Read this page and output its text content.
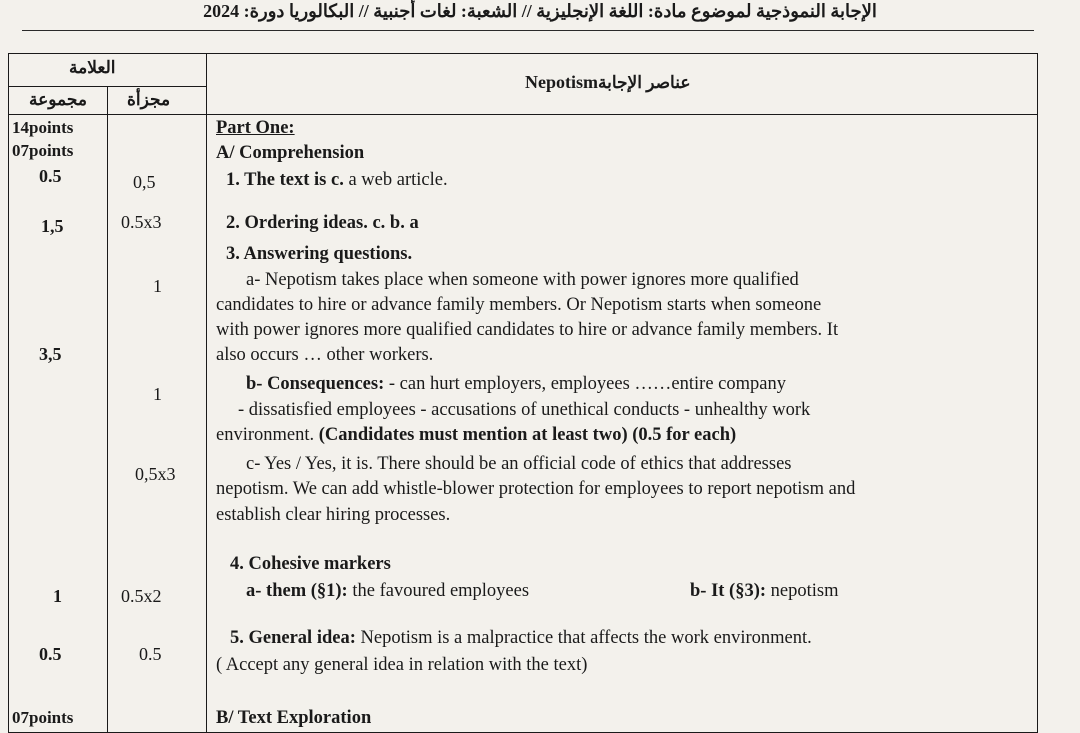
الإجابة النموذجية لموضوع مادة: اللغة الإنجليزية // الشعبة: لغات أجنبية // البكالوريا دورة: 2024
العلامة
مجموعة مجزأة
Nepotismعناصر الإجابة
14points
07points
0.5
1,5
3,5
1
0.5
07points
0,5
0.5x3
1
1
0,5x3
0.5x2
0.5
Part One:
A/ Comprehension
1. The text is c. a web article.
2. Ordering ideas. c. b. a
3. Answering questions.
a- Nepotism takes place when someone with power ignores more qualified
candidates to hire or advance family members. Or Nepotism starts when someone
with power ignores more qualified candidates to hire or advance family members. It
also occurs … other workers.
b- Consequences: - can hurt employers, employees ……entire company
- dissatisfied employees - accusations of unethical conducts - unhealthy work
environment. (Candidates must mention at least two) (0.5 for each)
c- Yes / Yes, it is. There should be an official code of ethics that addresses
nepotism. We can add whistle-blower protection for employees to report nepotism and
establish clear hiring processes.
4. Cohesive markers
a- them (§1): the favoured employees	b- It (§3): nepotism
5. General idea: Nepotism is a malpractice that affects the work environment.
( Accept any general idea in relation with the text)
B/ Text Exploration
